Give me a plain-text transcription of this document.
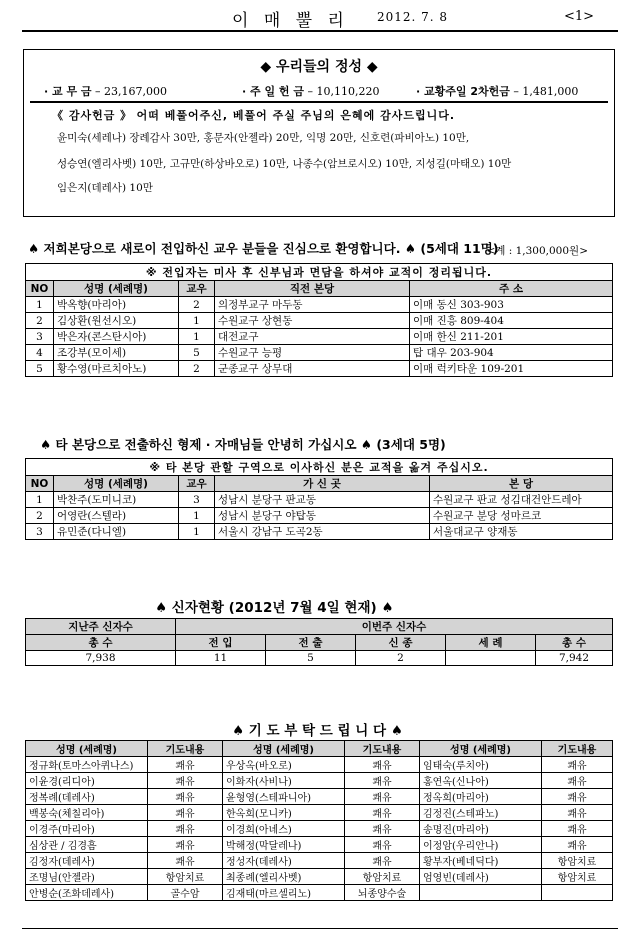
이 매 뿔 리 2012. 7. 8	<1>
◆ 우리들의 정성 ◆
· 교 무 금 – 23,167,000	· 주 일 헌 금 – 10,110,220	· 교황주일 2차헌금 – 1,481,000
《 감사헌금 》 어떠 베풀어주신, 베풀어 주실 주님의 은혜에 감사드립니다.
윤미숙(세레나) 장례감사 30만, 홍문자(안젤라) 20만, 익명 20만, 신호련(파비아노) 10만,
성승연(엘리사벳) 10만, 고규만(하상바오로) 10만, 나종수(암브로시오) 10만, 지성길(마태오) 10만
임은지(데레사) 10만
<계 : 1,300,000원>
♠ 저희본당으로 새로이 전입하신 교우 분들을 진심으로 환영합니다. ♠ (5세대 11명)
※ 전입자는 미사 후 신부님과 면담을 하셔야 교적이 정리됩니다.				
NO	성명 (세례명)	교우	직전 본당	주 소
1	박옥향(마리아)	2	의정부교구 마두동	이매 동신 303-903
2	김상환(원선시오)	1	수원교구 상현동	이매 진흥 809-404
3	박은자(콘스탄시아)	1	대전교구	이매 한신 211-201
4	조강부(모이세)	5	수원교구 능평	탑 대우 203-904
5	황수영(마르치아노)	2	군종교구 상무대	이매 럭키타운 109-201
♠ 타 본당으로 전출하신 형제 · 자매님들 안녕히 가십시오 ♠ (3세대 5명)
※ 타 본당 관할 구역으로 이사하신 분은 교적을 옮겨 주십시오.				
NO	성명 (세례명)	교우	가 신 곳	본 당
1	박찬주(도미니코)	3	성남시 분당구 판교동	수원교구 판교 성김대건안드레아
2	어영란(스텔라)	1	성남시 분당구 야탑동	수원교구 분당 성마르코
3	유민준(다니엘)	1	서울시 강남구 도곡2동	서울대교구 양재동
♠ 신자현황 (2012년 7월 4일 현재) ♠
지난주 신자수	이번주 신자수				
총 수	전 입	전 출	신 종	세 례	총 수
7,938	11	5	2		7,942
♠ 기 도 부 탁 드 립 니 다 ♠
성명 (세례명)	기도내용	성명 (세례명)	기도내용	성명 (세례명)	기도내용
정규화(토마스아퀴나스)	쾌유	우상옥(바오로)	쾌유	임태숙(루치아)	쾌유
이윤경(리디아)	쾌유	이화자(사비나)	쾌유	홍연옥(신나아)	쾌유
정복례(데레사)	쾌유	윤형영(스테파니아)	쾌유	정옥희(마리아)	쾌유
백봉숙(체칠리아)	쾌유	한옥희(모니카)	쾌유	김정진(스테파노)	쾌유
이경주(마리아)	쾌유	이경희(아녜스)	쾌유	송명진(마리아)	쾌유
심상관 / 김경흠	쾌유	박해정(막달레나)	쾌유	이정암(우리안나)	쾌유
김정자(데레사)	쾌유	정성자(데레사)	쾌유	황부자(베네딕다)	항암치료
조명님(안젤라)	항암치료	최종례(엘리사벳)	항암치료	엄영빈(데레사)	항암치료
안병순(조화데레사)	골수암	김재태(마르셀리노)	뇌종양수술		
